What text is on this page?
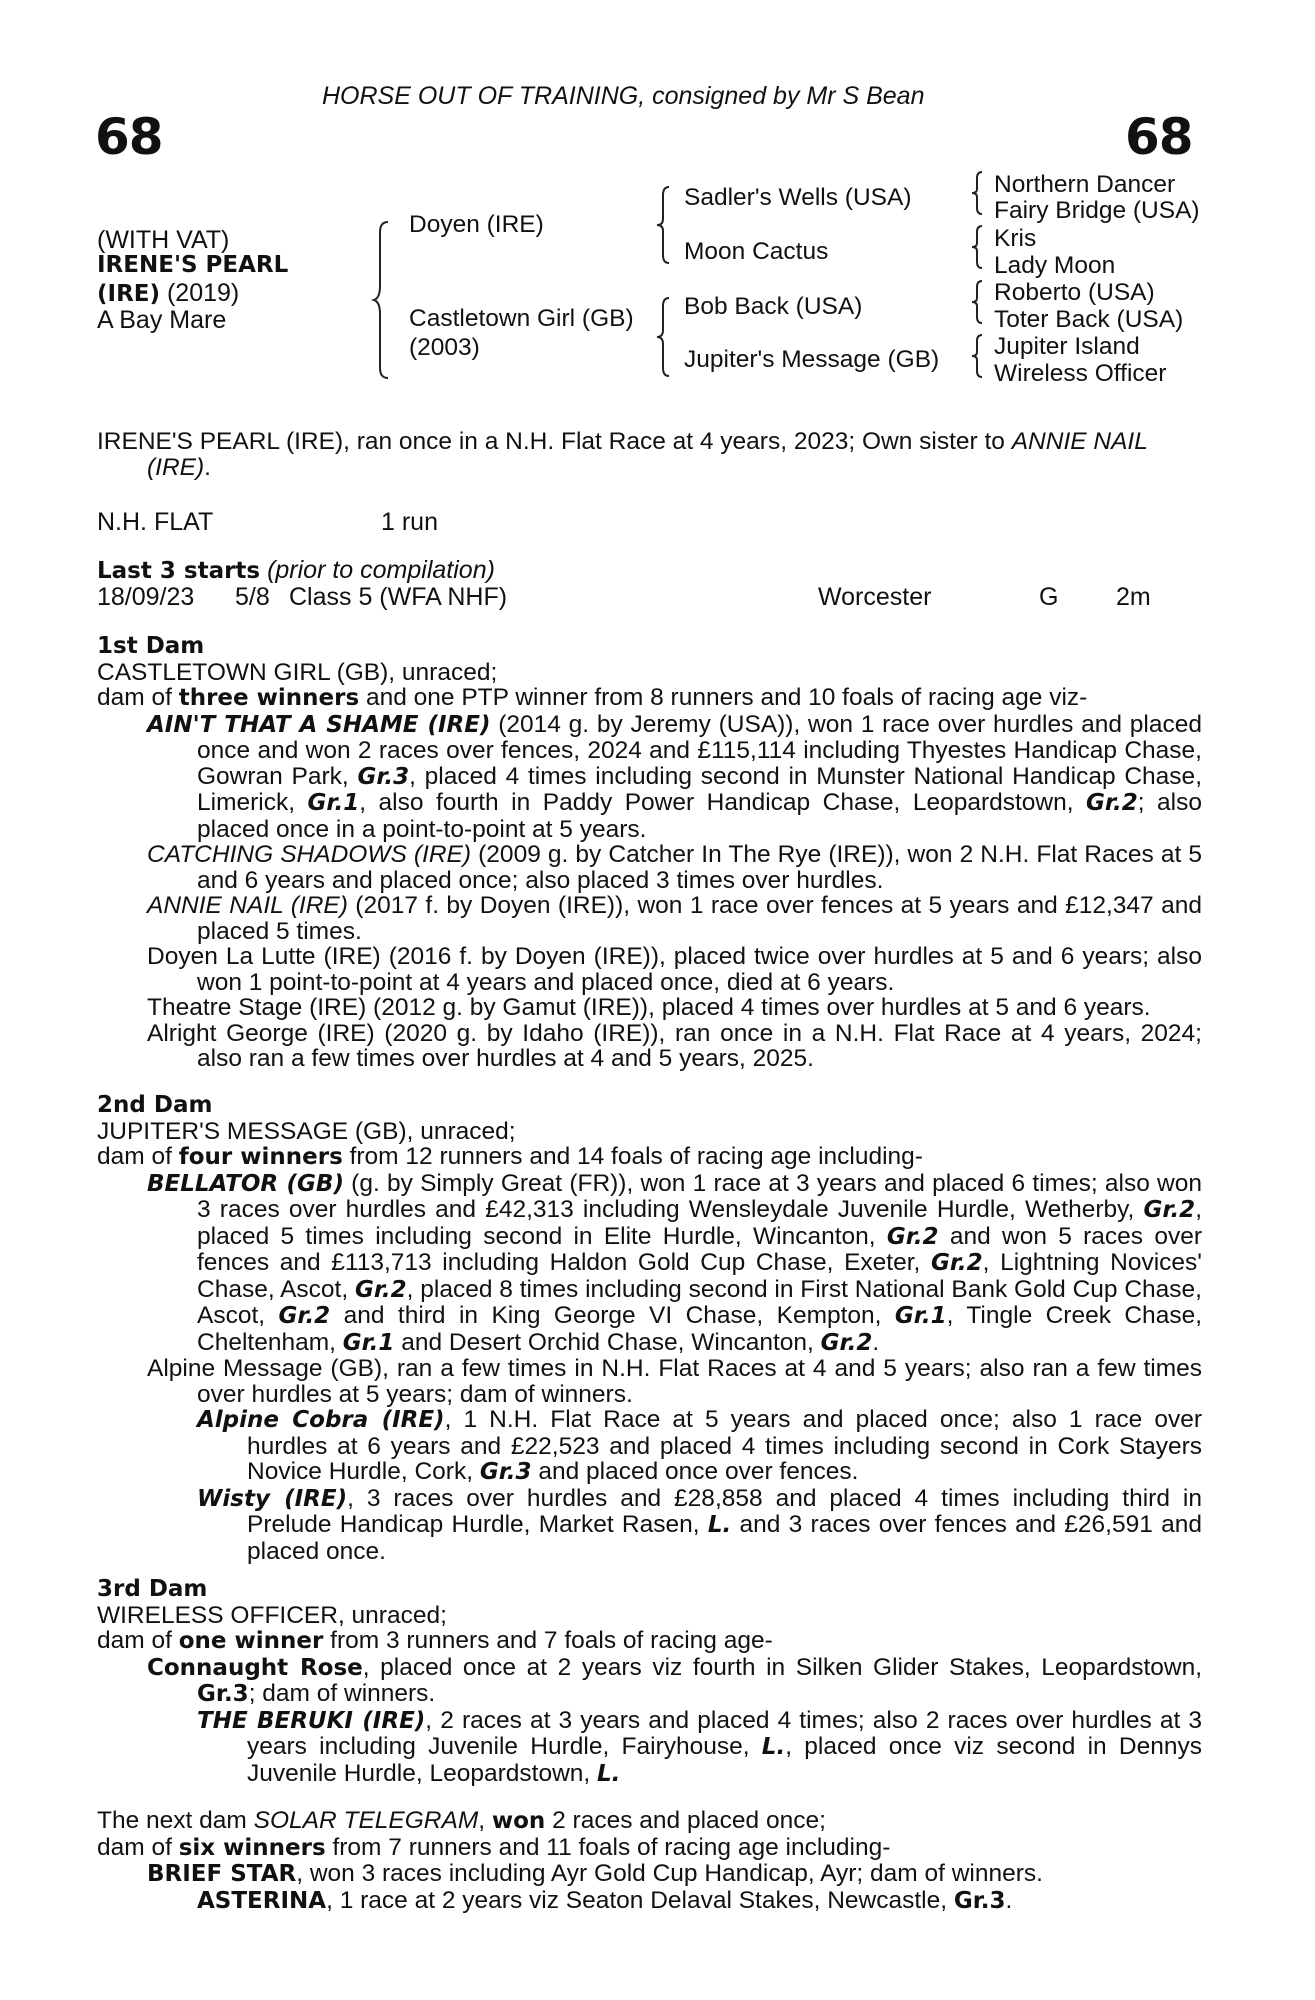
68	68
HORSE OUT OF TRAINING, consigned by Mr S Bean
(WITH VAT)
IRENE'S PEARL
(IRE) (2019)
A Bay Mare
Doyen (IRE)
Castletown Girl (GB)
(2003)
Sadler's Wells (USA)
Moon Cactus
Bob Back (USA)
Jupiter's Message (GB)
Northern Dancer
Fairy Bridge (USA)
Kris
Lady Moon
Roberto (USA)
Toter Back (USA)
Jupiter Island
Wireless Officer

IRENE'S PEARL (IRE), ran once in a N.H. Flat Race at 4 years, 2023; Own sister to ANNIE NAIL
(IRE).

N.H. FLAT	1 run
Last 3 starts (prior to compilation)
18/09/23 5/8 Class 5 (WFA NHF)	Worcester	G 2m

1st Dam

CASTLETOWN GIRL (GB), unraced;

dam of three winners and one PTP winner from 8 runners and 10 foals of racing age viz-

AIN'T THAT A SHAME (IRE) (2014 g. by Jeremy (USA)), won 1 race over hurdles and placed once and won 2 races over fences, 2024 and £115,114 including Thyestes Handicap Chase, Gowran Park, Gr.3, placed 4 times including second in Munster National Handicap Chase, Limerick, Gr.1, also fourth in Paddy Power Handicap Chase, Leopardstown, Gr.2; also placed once in a point-to-point at 5 years.

CATCHING SHADOWS (IRE) (2009 g. by Catcher In The Rye (IRE)), won 2 N.H. Flat Races at 5 and 6 years and placed once; also placed 3 times over hurdles.

ANNIE NAIL (IRE) (2017 f. by Doyen (IRE)), won 1 race over fences at 5 years and £12,347 and placed 5 times.

Doyen La Lutte (IRE) (2016 f. by Doyen (IRE)), placed twice over hurdles at 5 and 6 years; also won 1 point-to-point at 4 years and placed once, died at 6 years.

Theatre Stage (IRE) (2012 g. by Gamut (IRE)), placed 4 times over hurdles at 5 and 6 years.

Alright George (IRE) (2020 g. by Idaho (IRE)), ran once in a N.H. Flat Race at 4 years, 2024; also ran a few times over hurdles at 4 and 5 years, 2025.

2nd Dam

JUPITER'S MESSAGE (GB), unraced;

dam of four winners from 12 runners and 14 foals of racing age including-

BELLATOR (GB) (g. by Simply Great (FR)), won 1 race at 3 years and placed 6 times; also won 3 races over hurdles and £42,313 including Wensleydale Juvenile Hurdle, Wetherby, Gr.2, placed 5 times including second in Elite Hurdle, Wincanton, Gr.2 and won 5 races over fences and £113,713 including Haldon Gold Cup Chase, Exeter, Gr.2, Lightning Novices' Chase, Ascot, Gr.2, placed 8 times including second in First National Bank Gold Cup Chase, Ascot, Gr.2 and third in King George VI Chase, Kempton, Gr.1, Tingle Creek Chase, Cheltenham, Gr.1 and Desert Orchid Chase, Wincanton, Gr.2.

Alpine Message (GB), ran a few times in N.H. Flat Races at 4 and 5 years; also ran a few times over hurdles at 5 years; dam of winners.

Alpine Cobra (IRE), 1 N.H. Flat Race at 5 years and placed once; also 1 race over hurdles at 6 years and £22,523 and placed 4 times including second in Cork Stayers Novice Hurdle, Cork, Gr.3 and placed once over fences.

Wisty (IRE), 3 races over hurdles and £28,858 and placed 4 times including third in Prelude Handicap Hurdle, Market Rasen, L. and 3 races over fences and £26,591 and placed once.

3rd Dam

WIRELESS OFFICER, unraced;

dam of one winner from 3 runners and 7 foals of racing age-

Connaught Rose, placed once at 2 years viz fourth in Silken Glider Stakes, Leopardstown, Gr.3; dam of winners.

THE BERUKI (IRE), 2 races at 3 years and placed 4 times; also 2 races over hurdles at 3 years including Juvenile Hurdle, Fairyhouse, L., placed once viz second in Dennys Juvenile Hurdle, Leopardstown, L.

The next dam SOLAR TELEGRAM, won 2 races and placed once;

dam of six winners from 7 runners and 11 foals of racing age including-

BRIEF STAR, won 3 races including Ayr Gold Cup Handicap, Ayr; dam of winners.

ASTERINA, 1 race at 2 years viz Seaton Delaval Stakes, Newcastle, Gr.3.
